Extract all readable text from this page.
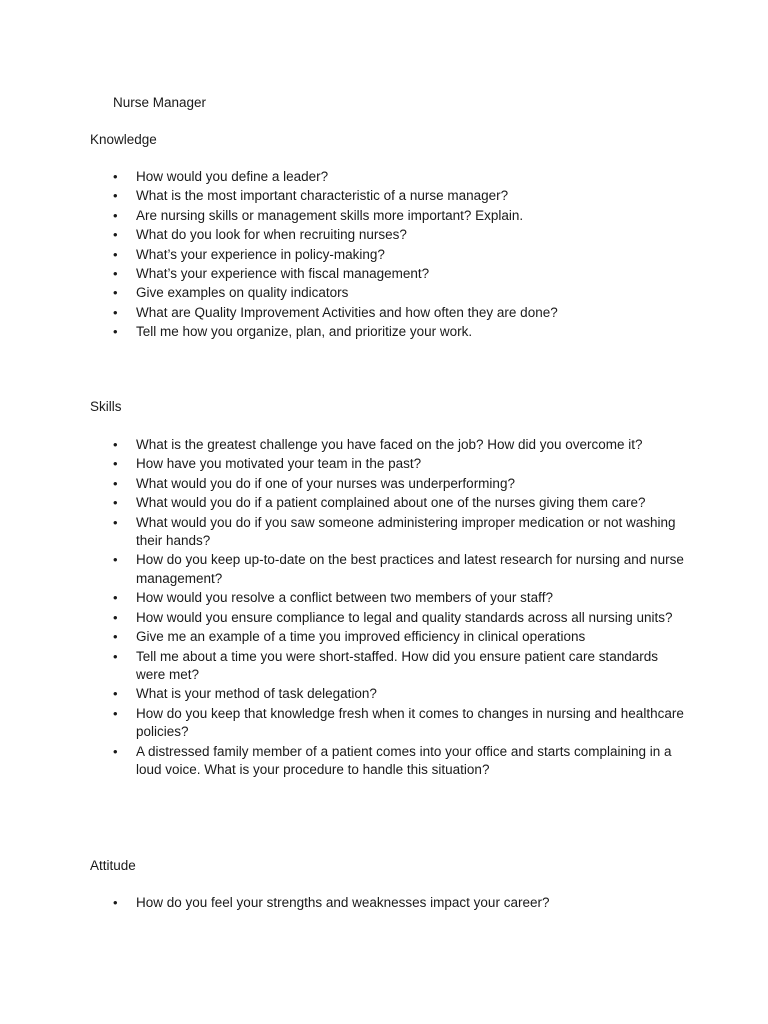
Nurse Manager
Knowledge
• How would you define a leader?
• What is the most important characteristic of a nurse manager?
• Are nursing skills or management skills more important? Explain.
• What do you look for when recruiting nurses?
• What’s your experience in policy-making?
• What’s your experience with fiscal management?
• Give examples on quality indicators
• What are Quality Improvement Activities and how often they are done?
• Tell me how you organize, plan, and prioritize your work.
Skills
• What is the greatest challenge you have faced on the job? How did you overcome it?
• How have you motivated your team in the past?
• What would you do if one of your nurses was underperforming?
• What would you do if a patient complained about one of the nurses giving them care?
• What would you do if you saw someone administering improper medication or not washing their hands?
• How do you keep up-to-date on the best practices and latest research for nursing and nurse management?
• How would you resolve a conflict between two members of your staff?
• How would you ensure compliance to legal and quality standards across all nursing units?
• Give me an example of a time you improved efficiency in clinical operations
• Tell me about a time you were short-staffed. How did you ensure patient care standards were met?
• What is your method of task delegation?
• How do you keep that knowledge fresh when it comes to changes in nursing and healthcare policies?
• A distressed family member of a patient comes into your office and starts complaining in a loud voice. What is your procedure to handle this situation?
Attitude
• How do you feel your strengths and weaknesses impact your career?
